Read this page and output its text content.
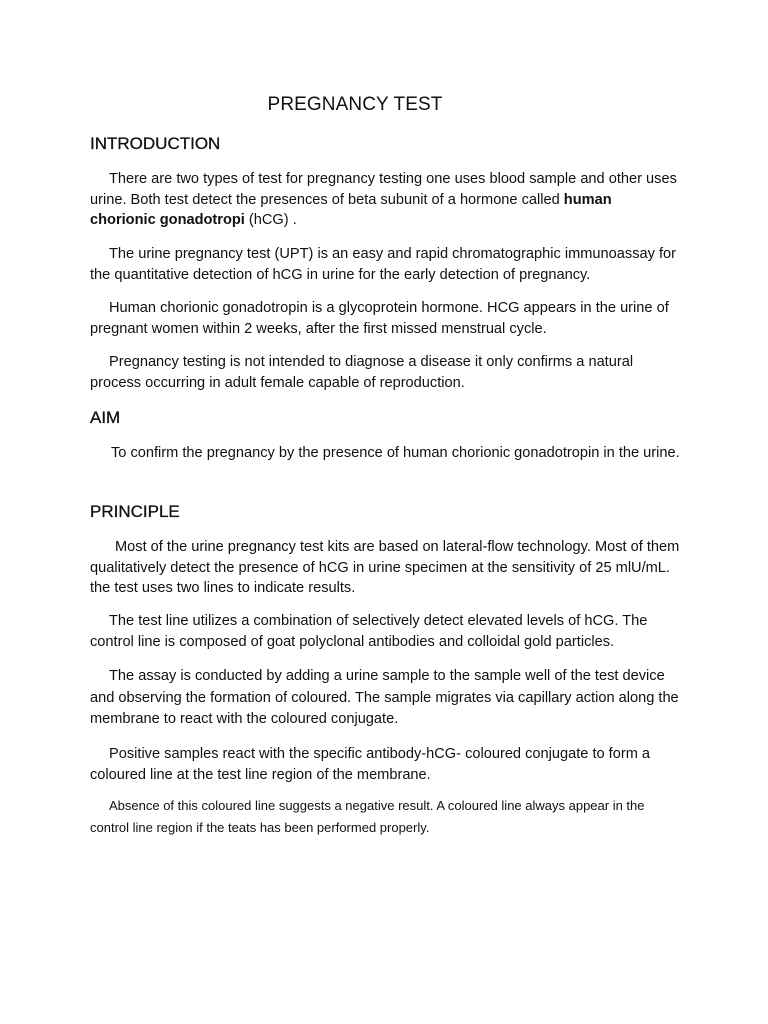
PREGNANCY TEST
INTRODUCTION

There are two types of test for pregnancy testing one uses blood sample and other uses urine. Both test detect the presences of beta subunit of a hormone called human chorionic gonadotropi (hCG) .

The urine pregnancy test (UPT) is an easy and rapid chromatographic immunoassay for the quantitative detection of hCG in urine for the early detection of pregnancy.

Human chorionic gonadotropin is a glycoprotein hormone. HCG appears in the urine of pregnant women within 2 weeks, after the first missed menstrual cycle.

Pregnancy testing is not intended to diagnose a disease it only confirms a natural process occurring in adult female capable of reproduction.

AIM

To confirm the pregnancy by the presence of human chorionic gonadotropin in the urine.

PRINCIPLE

Most of the urine pregnancy test kits are based on lateral-flow technology. Most of them qualitatively detect the presence of hCG in urine specimen at the sensitivity of 25 mlU/mL. the test uses two lines to indicate results.

The test line utilizes a combination of selectively detect elevated levels of hCG. The control line is composed of goat polyclonal antibodies and colloidal gold particles.

The assay is conducted by adding a urine sample to the sample well of the test device and observing the formation of coloured. The sample migrates via capillary action along the membrane to react with the coloured conjugate.

Positive samples react with the specific antibody-hCG- coloured conjugate to form a coloured line at the test line region of the membrane.

Absence of this coloured line suggests a negative result. A coloured line always appear in the control line region if the teats has been performed properly.
